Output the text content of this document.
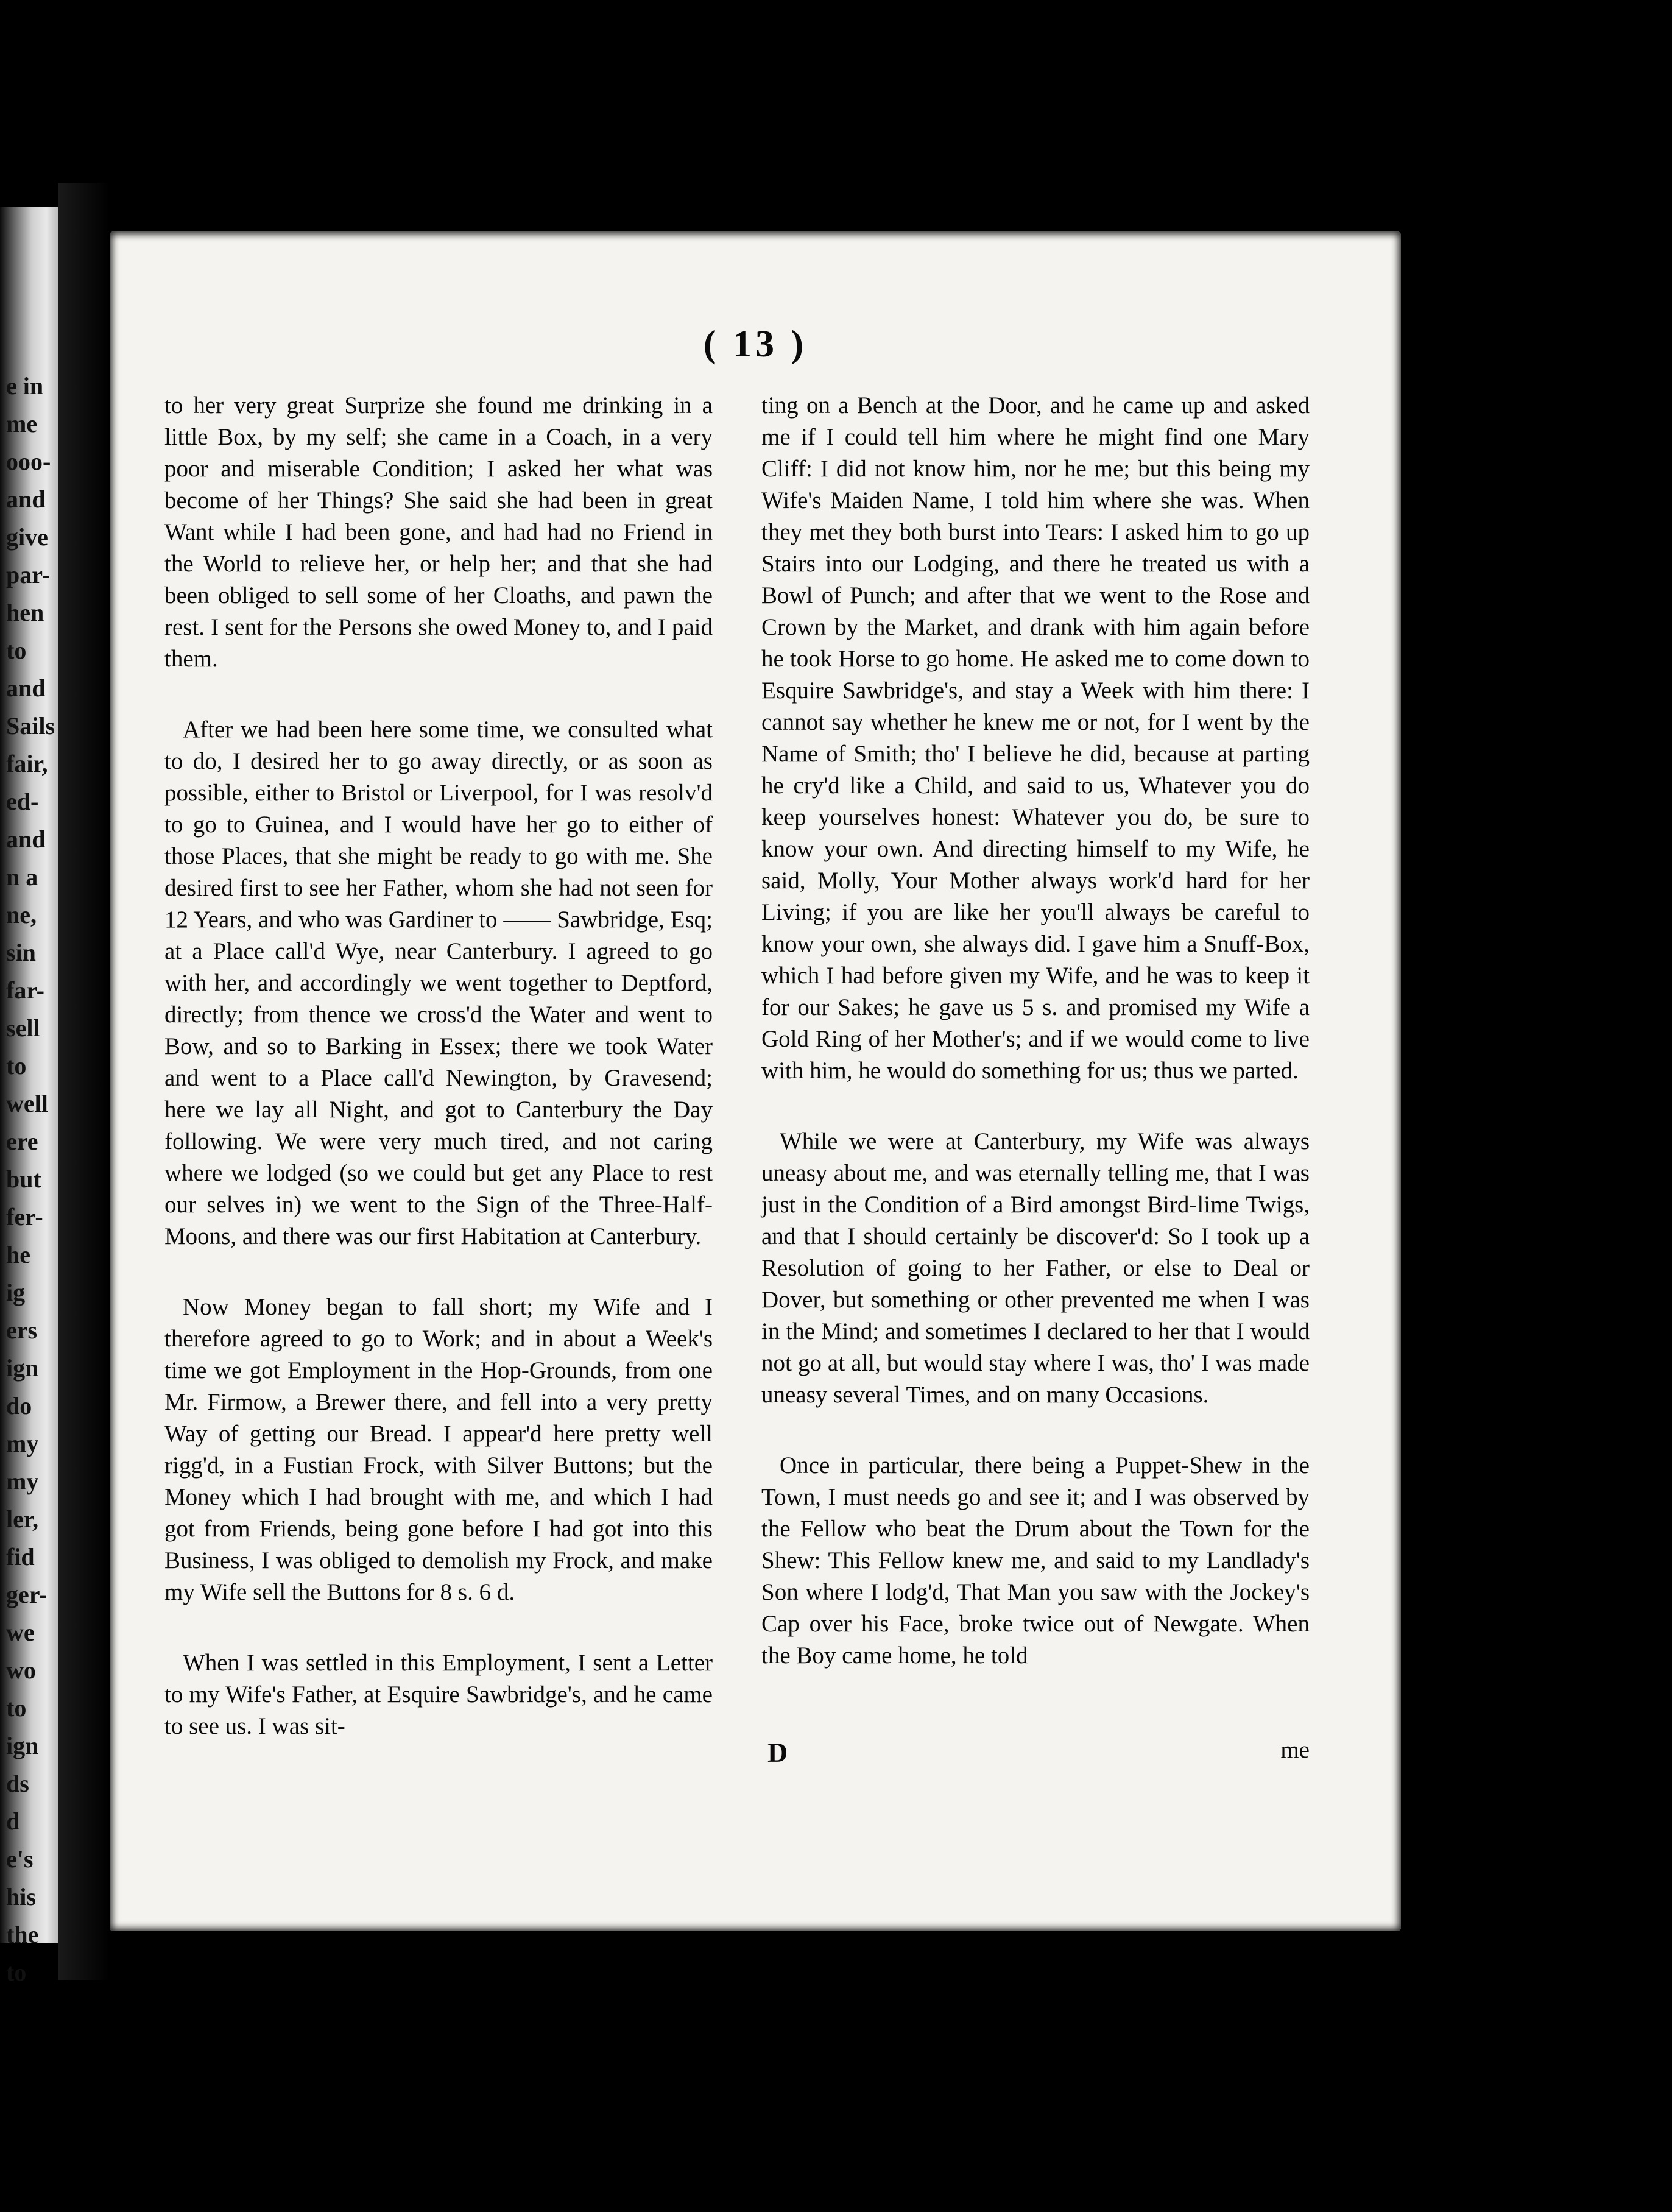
e in
me
ooo-
and
give
par-
hen
to
and
Sails
fair,
ed-
and
n a
ne,
sin
far-
sell
to
well
ere
but
fer-
he
ig
ers
ign
do
my
my
ler,
fid
ger-
we
wo
to
ign
ds
d
e's
his
the
to
( 13 )

to her very great Surprize she found me drinking in a little Box, by my self; she came in a Coach, in a very poor and miserable Condition; I asked her what was become of her Things? She said she had been in great Want while I had been gone, and had had no Friend in the World to relieve her, or help her; and that she had been obliged to sell some of her Cloaths, and pawn the rest. I sent for the Persons she owed Money to, and I paid them.

After we had been here some time, we consulted what to do, I desired her to go away directly, or as soon as possible, either to Bristol or Liverpool, for I was resolv'd to go to Guinea, and I would have her go to either of those Places, that she might be ready to go with me. She desired first to see her Father, whom she had not seen for 12 Years, and who was Gardiner to —— Sawbridge, Esq; at a Place call'd Wye, near Canterbury. I agreed to go with her, and accordingly we went together to Deptford, directly; from thence we cross'd the Water and went to Bow, and so to Barking in Essex; there we took Water and went to a Place call'd Newington, by Gravesend; here we lay all Night, and got to Canterbury the Day following. We were very much tired, and not caring where we lodged (so we could but get any Place to rest our selves in) we went to the Sign of the Three-Half-Moons, and there was our first Habitation at Canterbury.

Now Money began to fall short; my Wife and I therefore agreed to go to Work; and in about a Week's time we got Employment in the Hop-Grounds, from one Mr. Firmow, a Brewer there, and fell into a very pretty Way of getting our Bread. I appear'd here pretty well rigg'd, in a Fustian Frock, with Silver Buttons; but the Money which I had brought with me, and which I had got from Friends, being gone before I had got into this Business, I was obliged to demolish my Frock, and make my Wife sell the Buttons for 8 s. 6 d.

When I was settled in this Employment, I sent a Letter to my Wife's Father, at Esquire Sawbridge's, and he came to see us. I was sit-

ting on a Bench at the Door, and he came up and asked me if I could tell him where he might find one Mary Cliff: I did not know him, nor he me; but this being my Wife's Maiden Name, I told him where she was. When they met they both burst into Tears: I asked him to go up Stairs into our Lodging, and there he treated us with a Bowl of Punch; and after that we went to the Rose and Crown by the Market, and drank with him again before he took Horse to go home. He asked me to come down to Esquire Sawbridge's, and stay a Week with him there: I cannot say whether he knew me or not, for I went by the Name of Smith; tho' I believe he did, because at parting he cry'd like a Child, and said to us, Whatever you do keep yourselves honest: Whatever you do, be sure to know your own. And directing himself to my Wife, he said, Molly, Your Mother always work'd hard for her Living; if you are like her you'll always be careful to know your own, she always did. I gave him a Snuff-Box, which I had before given my Wife, and he was to keep it for our Sakes; he gave us 5 s. and promised my Wife a Gold Ring of her Mother's; and if we would come to live with him, he would do something for us; thus we parted.

While we were at Canterbury, my Wife was always uneasy about me, and was eternally telling me, that I was just in the Condition of a Bird amongst Bird-lime Twigs, and that I should certainly be discover'd: So I took up a Resolution of going to her Father, or else to Deal or Dover, but something or other prevented me when I was in the Mind; and sometimes I declared to her that I would not go at all, but would stay where I was, tho' I was made uneasy several Times, and on many Occasions.

Once in particular, there being a Puppet-Shew in the Town, I must needs go and see it; and I was observed by the Fellow who beat the Drum about the Town for the Shew: This Fellow knew me, and said to my Landlady's Son where I lodg'd, That Man you saw with the Jockey's Cap over his Face, broke twice out of Newgate. When the Boy came home, he told

D	me
